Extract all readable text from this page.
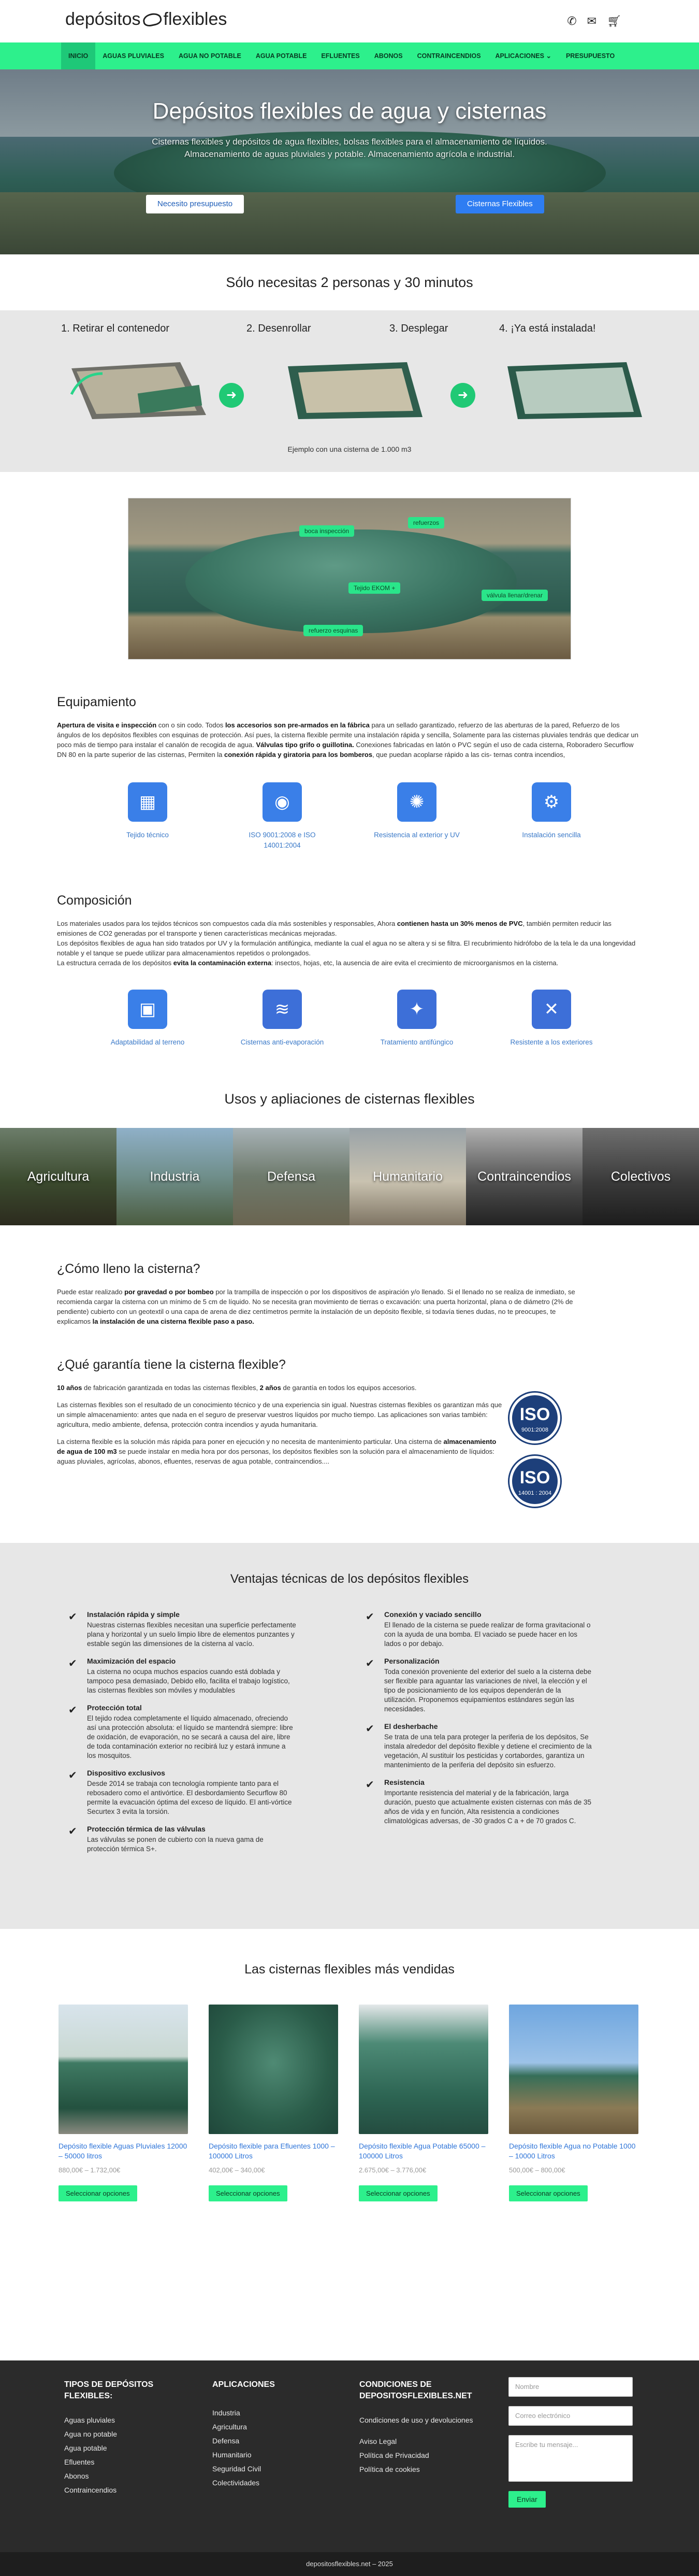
depósitos flexibles	✆ ✉ 🛒︎
INICIO	AGUAS PLUVIALES	AGUA NO POTABLE	AGUA POTABLE	EFLUENTES	ABONOS	CONTRAINCENDIOS	APLICACIONES ⌄	PRESUPUESTO
Depósitos flexibles de agua y cisternas

Cisternas flexibles y depósitos de agua flexibles, bolsas flexibles para el almacenamiento de líquidos.
Almacenamiento de aguas pluviales y potable. Almacenamiento agrícola e industrial.

Necesito presupuesto	Cisternas Flexibles
Sólo necesitas 2 personas y 30 minutos
1. Retirar el contenedor	2. Desenrollar	3. Desplegar	4. ¡Ya está instalada!
➜	➜
Ejemplo con una cisterna de 1.000 m3
boca inspección
refuerzos
Tejido EKOM +
válvula llenar/drenar
refuerzo esquinas
Equipamiento

Apertura de visita e inspección con o sin codo. Todos los accesorios son pre-armados en la fábrica para un sellado garantizado, refuerzo de las aberturas de la pared, Refuerzo de los ángulos de los depósitos flexibles con esquinas de protección. Así pues, la cisterna flexible permite una instalación rápida y sencilla, Solamente para las cisternas pluviales tendrás que dedicar un poco más de tiempo para instalar el canalón de recogida de agua. Válvulas tipo grifo o guillotina. Conexiones fabricadas en latón o PVC según el uso de cada cisterna, Roboradero Securflow DN 80 en la parte superior de las cisternas, Permiten la conexión rápida y giratoria para los bomberos, que puedan acoplarse rápido a las cis- ternas contra incendios,

▦
Tejido técnico
◉
ISO 9001:2008 e ISO 14001:2004
✺
Resistencia al exterior y UV
⚙
Instalación sencilla
Composición

Los materiales usados para los tejidos técnicos son compuestos cada día más sostenibles y responsables, Ahora contienen hasta un 30% menos de PVC, también permiten reducir las emisiones de CO2 generadas por el transporte y tienen características mecánicas mejoradas.

Los depósitos flexibles de agua han sido tratados por UV y la formulación antifúngica, mediante la cual el agua no se altera y si se filtra. El recubrimiento hidrófobo de la tela le da una longevidad notable y el tanque se puede utilizar para almacenamientos repetidos o prolongados.

La estructura cerrada de los depósitos evita la contaminación externa: insectos, hojas, etc, la ausencia de aire evita el crecimiento de microorganismos en la cisterna.

▣
Adaptabilidad al terreno
≋
Cisternas anti-evaporación
✦
Tratamiento antifúngico
✕
Resistente a los exteriores
Usos y apliaciones de cisternas flexibles
Agricultura	Industria	Defensa	Humanitario	Contraincendios	Colectivos
¿Cómo lleno la cisterna?

Puede estar realizado por gravedad o por bombeo por la trampilla de inspección o por los dispositivos de aspiración y/o llenado. Si el llenado no se realiza de inmediato, se recomienda cargar la cisterna con un mínimo de 5 cm de líquido. No se necesita gran movimiento de tierras o excavación: una puerta horizontal, plana o de diámetro (2% de pendiente) cubierto con un geotextil o una capa de arena de diez centímetros permite la instalación de un depósito flexible, si todavía tienes dudas, no te preocupes, te explicamos la instalación de una cisterna flexible paso a paso.

¿Qué garantía tiene la cisterna flexible?

10 años de fabricación garantizada en todas las cisternas flexibles, 2 años de garantía en todos los equipos accesorios.

Las cisternas flexibles son el resultado de un conocimiento técnico y de una experiencia sin igual. Nuestras cisternas flexibles os garantizan más que un simple almacenamiento: antes que nada en el seguro de preservar vuestros líquidos por mucho tiempo. Las aplicaciones son varias también: agricultura, medio ambiente, defensa, protección contra incendios y ayuda humanitaria.

La cisterna flexible es la solución más rápida para poner en ejecución y no necesita de mantenimiento particular. Una cisterna de almacenamiento de agua de 100 m3 se puede instalar en media hora por dos personas, los depósitos flexibles son la solución para el almacenamiento de líquidos: aguas pluviales, agrícolas, abonos, efluentes, reservas de agua potable, contraincendios....

ISO
9001:2008
ISO
14001 : 2004
Ventajas técnicas de los depósitos flexibles
✔ Instalación rápida y simple
Nuestras cisternas flexibles necesitan una superficie perfectamente plana y horizontal y un suelo limpio libre de elementos punzantes y estable según las dimensiones de la cisterna al vacío.
✔ Maximización del espacio
La cisterna no ocupa muchos espacios cuando está doblada y tampoco pesa demasiado, Debido ello, facilita el trabajo logístico, las cisternas flexibles son móviles y modulables
✔ Protección total
El tejido rodea completamente el líquido almacenado, ofreciendo así una protección absoluta: el líquido se mantendrá siempre: libre de oxidación, de evaporación, no se secará a causa del aire, libre de toda contaminación exterior no recibirá luz y estará inmune a los mosquitos.
✔ Dispositivo exclusivos
Desde 2014 se trabaja con tecnología rompiente tanto para el rebosadero como el antivórtice. El desbordamiento Securflow 80 permite la evacuación óptima del exceso de líquido. El anti-vórtice Securtex 3 evita la torsión.
✔ Protección térmica de las válvulas
Las válvulas se ponen de cubierto con la nueva gama de protección térmica S+.
✔ Conexión y vaciado sencillo
El llenado de la cisterna se puede realizar de forma gravitacional o con la ayuda de una bomba. El vaciado se puede hacer en los lados o por debajo.
✔ Personalización
Toda conexión proveniente del exterior del suelo a la cisterna debe ser flexible para aguantar las variaciones de nivel, la elección y el tipo de posicionamiento de los equipos dependerán de la utilización. Proponemos equipamientos estándares según las necesidades.
✔ El desherbache
Se trata de una tela para proteger la periferia de los depósitos, Se instala alrededor del depósito flexible y detiene el crecimiento de la vegetación, Al sustituir los pesticidas y cortabordes, garantiza un mantenimiento de la periferia del depósito sin esfuerzo.
✔ Resistencia
Importante resistencia del material y de la fabricación, larga duración, puesto que actualmente existen cisternas con más de 35 años de vida y en función, Alta resistencia a condiciones climatológicas adversas, de -30 grados C a + de 70 grados C.
Las cisternas flexibles más vendidas
Depósito flexible Aguas Pluviales 12000 – 50000 litros
880,00€ – 1.732,00€
Seleccionar opciones
Depósito flexible para Efluentes 1000 – 100000 Litros
402,00€ – 340,00€
Seleccionar opciones
Depósito flexible Agua Potable 65000 – 100000 Litros
2.675,00€ – 3.776,00€
Seleccionar opciones
Depósito flexible Agua no Potable 1000 – 10000 Litros
500,00€ – 800,00€
Seleccionar opciones
TIPOS DE DEPÓSITOS FLEXIBLES:
Aguas pluviales
Agua no potable
Agua potable
Efluentes
Abonos
Contraincendios
APLICACIONES
Industria
Agricultura
Defensa
Humanitario
Seguridad Civil
Colectividades
CONDICIONES DE DEPOSITOSFLEXIBLES.NET
Condiciones de uso y devoluciones
Aviso Legal
Política de Privacidad
Política de cookies
Nombre
Correo electrónico
Escribe tu mensaje...
Enviar
depositosflexibles.net – 2025
